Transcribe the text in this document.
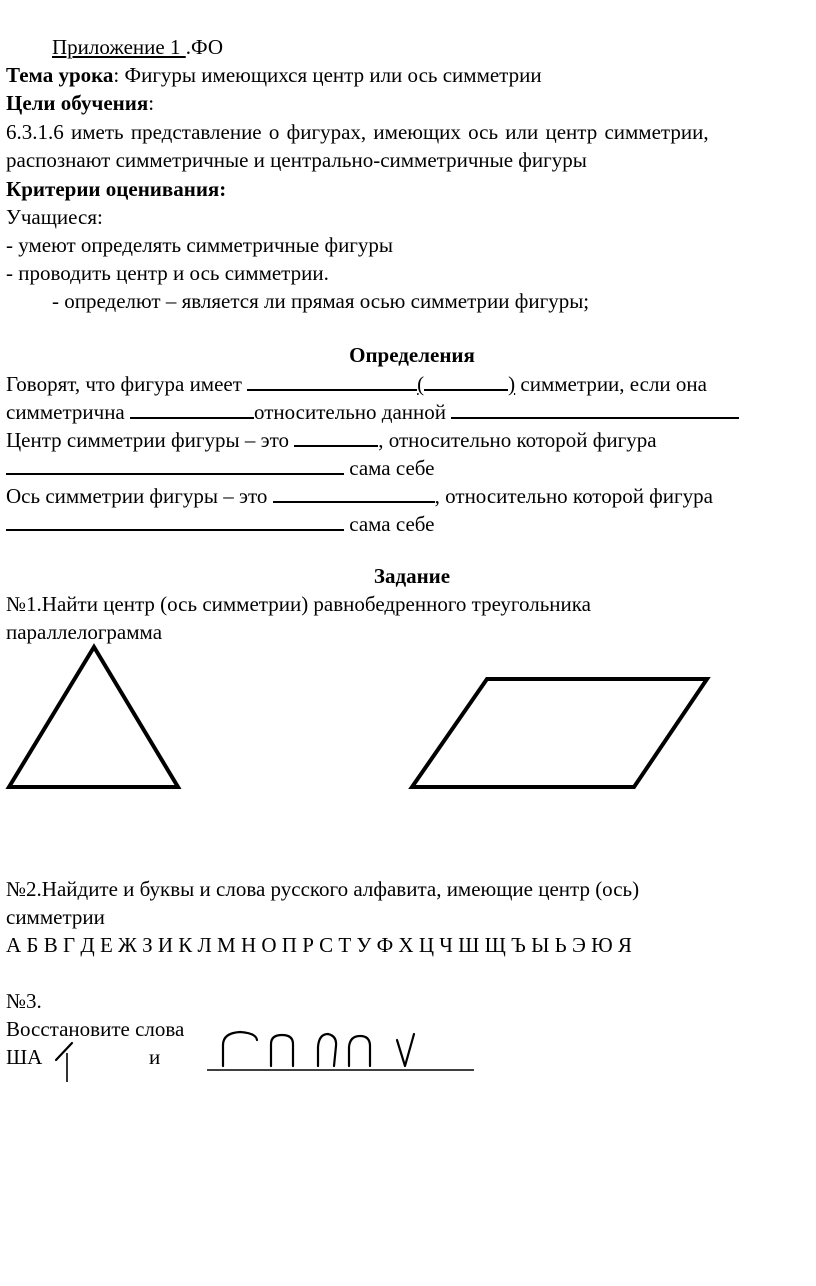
Приложение 1 .ФО
Тема урока: Фигуры имеющихся центр или ось симметрии
Цели обучения:
6.3.1.6 иметь представление о фигурах, имеющих ось или центр симметрии,
распознают симметричные и центрально-симметричные фигуры
Критерии оценивания:
Учащиеся:
- умеют определять симметричные фигуры
- проводить центр и ось симметрии.
- определют – является ли прямая осью симметрии фигуры;
Определения
Говорят, что фигура имеет	(	) симметрии, если она
симметрична	относительно данной
Центр симметрии фигуры – это	, относительно которой фигура
сама себе
Ось симметрии фигуры – это	, относительно которой фигура
сама себе
Задание
№1.Найти центр (ось симметрии) равнобедренного треугольника
параллелограмма
№2.Найдите и буквы и слова русского алфавита, имеющие центр (ось)
симметрии
А Б В Г Д Е Ж З И К Л М Н О П Р С Т У Ф Х Ц Ч Ш Щ Ъ Ы Ь Э Ю Я
№3.
Восстановите слова
ША	и
